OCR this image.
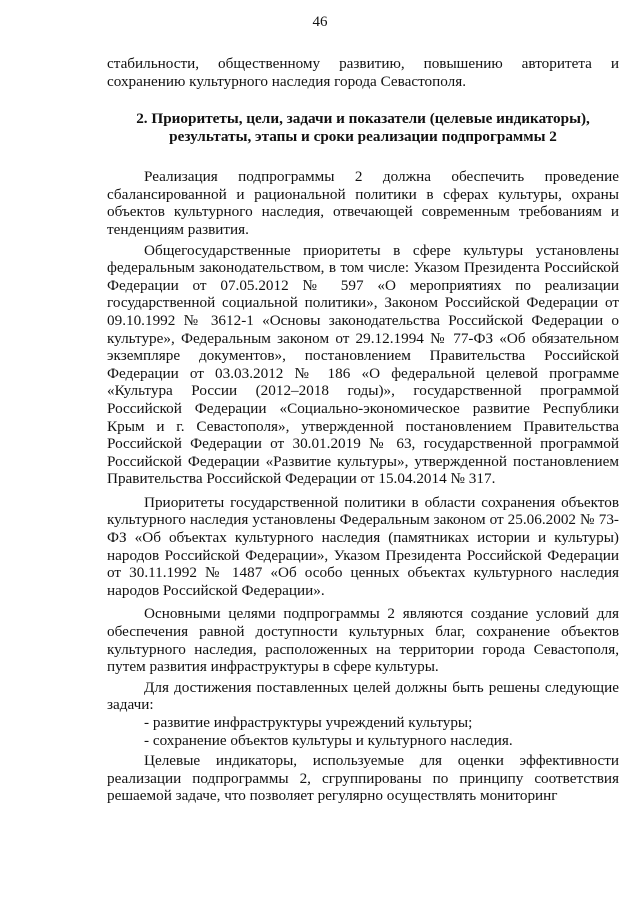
46

стабильности, общественному развитию, повышению авторитета и сохранению культурного наследия города Севастополя.

2. Приоритеты, цели, задачи и показатели (целевые индикаторы), результаты, этапы и сроки реализации подпрограммы 2

Реализация подпрограммы 2 должна обеспечить проведение сбалансированной и рациональной политики в сферах культуры, охраны объектов культурного наследия, отвечающей современным требованиям и тенденциям развития.

Общегосударственные приоритеты в сфере культуры установлены федеральным законодательством, в том числе: Указом Президента Российской Федерации от 07.05.2012 № 597 «О мероприятиях по реализации государственной социальной политики», Законом Российской Федерации от 09.10.1992 № 3612-1 «Основы законодательства Российской Федерации о культуре», Федеральным законом от 29.12.1994 № 77-ФЗ «Об обязательном экземпляре документов», постановлением Правительства Российской Федерации от 03.03.2012 № 186 «О федеральной целевой программе «Культура России (2012–2018 годы)», государственной программой Российской Федерации «Социально-экономическое развитие Республики Крым и г. Севастополя», утвержденной постановлением Правительства Российской Федерации от 30.01.2019 № 63, государственной программой Российской Федерации «Развитие культуры», утвержденной постановлением Правительства Российской Федерации от 15.04.2014 № 317.

Приоритеты государственной политики в области сохранения объектов культурного наследия установлены Федеральным законом от 25.06.2002 № 73-ФЗ «Об объектах культурного наследия (памятниках истории и культуры) народов Российской Федерации», Указом Президента Российской Федерации от 30.11.1992 № 1487 «Об особо ценных объектах культурного наследия народов Российской Федерации».

Основными целями подпрограммы 2 являются создание условий для обеспечения равной доступности культурных благ, сохранение объектов культурного наследия, расположенных на территории города Севастополя, путем развития инфраструктуры в сфере культуры.

Для достижения поставленных целей должны быть решены следующие задачи:

- развитие инфраструктуры учреждений культуры;

- сохранение объектов культуры и культурного наследия.

Целевые индикаторы, используемые для оценки эффективности реализации подпрограммы 2, сгруппированы по принципу соответствия решаемой задаче, что позволяет регулярно осуществлять мониторинг
